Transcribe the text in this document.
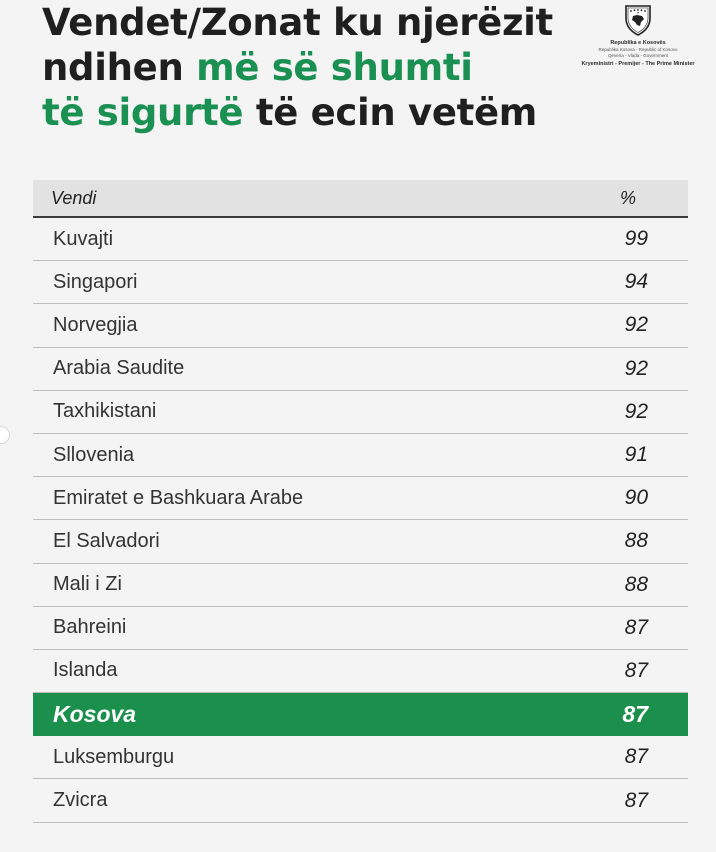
Vendet/Zonat ku njerëzit
ndihen më së shumti
të sigurtë të ecin vetëm
Republika e Kosovës
Republika Kosova - Republic of Kosovo
Qeveria - Vlada - Government
Kryeministri - Premijer - The Prime Minister
Vendi	%
Kuvajti	99
Singapori	94
Norvegjia	92
Arabia Saudite	92
Taxhikistani	92
Sllovenia	91
Emiratet e Bashkuara Arabe	90
El Salvadori	88
Mali i Zi	88
Bahreini	87
Islanda	87
Kosova	87
Luksemburgu	87
Zvicra	87
